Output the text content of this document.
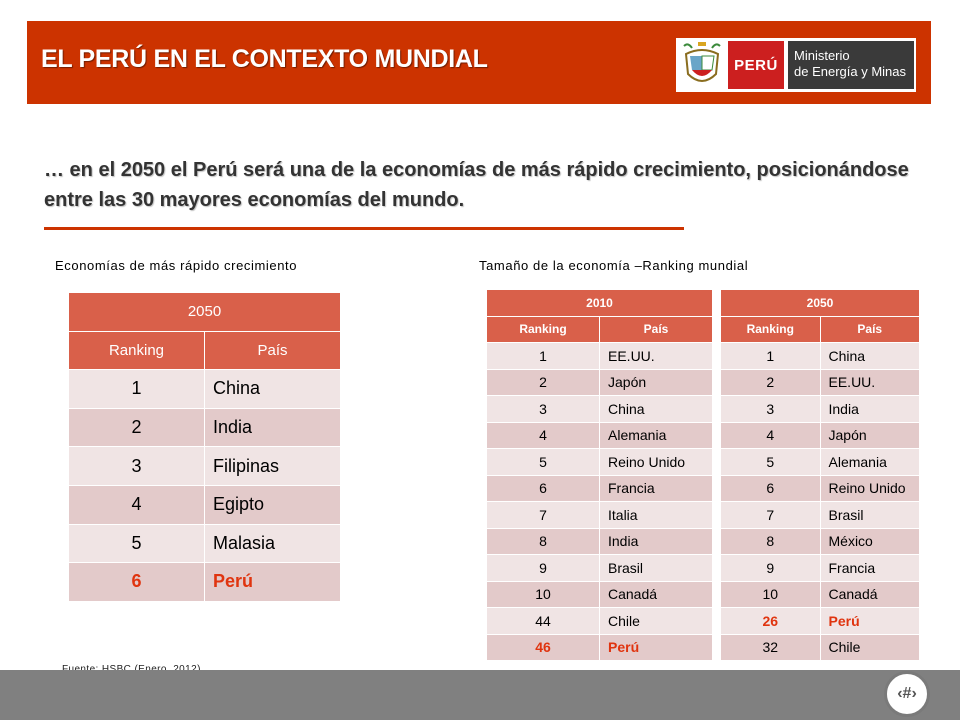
EL PERÚ EN EL CONTEXTO MUNDIAL	PERÚ
Ministerio
de Energía y Minas
… en el 2050 el Perú será una de la economías de más rápido crecimiento, posicionándose entre las 30 mayores economías del mundo.
Economías de más rápido crecimiento	Tamaño de la economía –Ranking mundial
2050	
Ranking	País
1	China
2	India
3	Filipinas
4	Egipto
5	Malasia
6	Perú
2010	
Ranking	País
1	EE.UU.
2	Japón
3	China
4	Alemania
5	Reino Unido
6	Francia
7	Italia
8	India
9	Brasil
10	Canadá
44	Chile
46	Perú
2050	
Ranking	País
1	China
2	EE.UU.
3	India
4	Japón
5	Alemania
6	Reino Unido
7	Brasil
8	México
9	Francia
10	Canadá
26	Perú
32	Chile
‹#›
